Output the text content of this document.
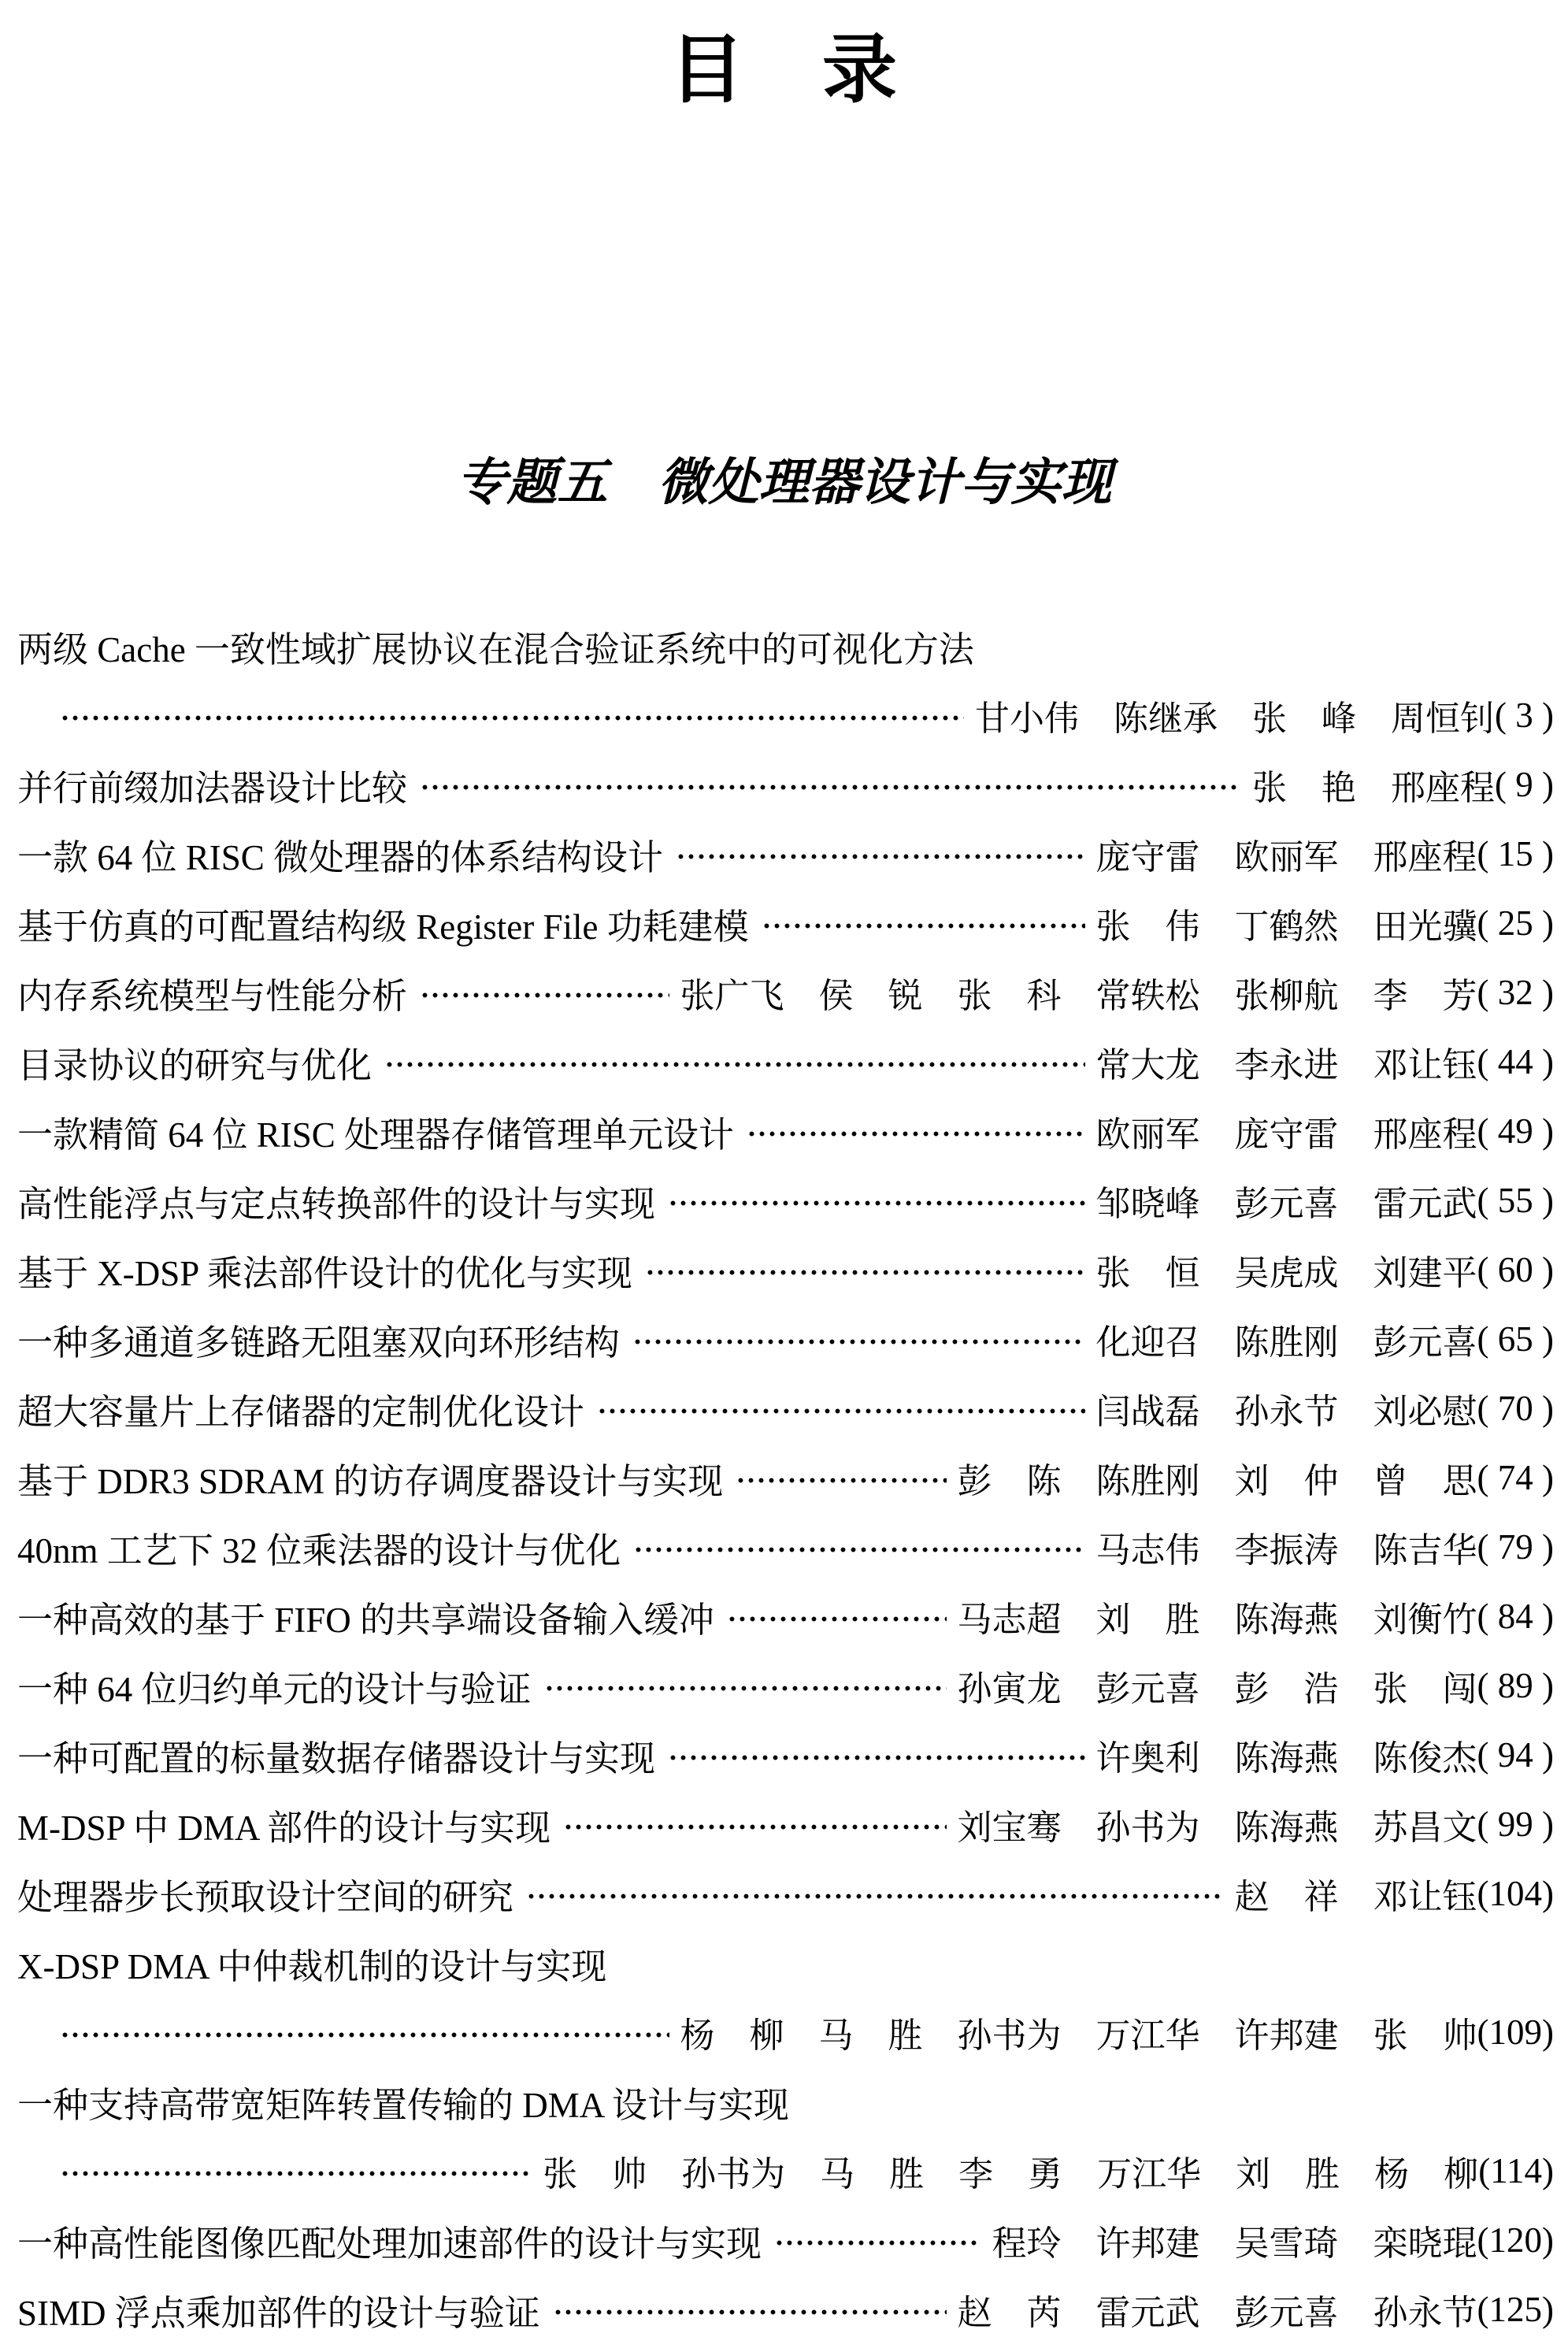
目　录
专题五　微处理器设计与实现
两级 Cache 一致性域扩展协议在混合验证系统中的可视化方法
甘小伟　陈继承　张　峰　周恒钊 ( 3 )
并行前缀加法器设计比较	张　艳　邢座程 ( 9 )
一款 64 位 RISC 微处理器的体系结构设计	庞守雷　欧丽军　邢座程 ( 15 )
基于仿真的可配置结构级 Register File 功耗建模	张　伟　丁鹤然　田光骥 ( 25 )
内存系统模型与性能分析	张广飞　侯　锐　张　科　常轶松　张柳航　李　芳 ( 32 )
目录协议的研究与优化	常大龙　李永进　邓让钰 ( 44 )
一款精简 64 位 RISC 处理器存储管理单元设计	欧丽军　庞守雷　邢座程 ( 49 )
高性能浮点与定点转换部件的设计与实现	邹晓峰　彭元喜　雷元武 ( 55 )
基于 X-DSP 乘法部件设计的优化与实现	张　恒　吴虎成　刘建平 ( 60 )
一种多通道多链路无阻塞双向环形结构	化迎召　陈胜刚　彭元喜 ( 65 )
超大容量片上存储器的定制优化设计	闫战磊　孙永节　刘必慰 ( 70 )
基于 DDR3 SDRAM 的访存调度器设计与实现	彭　陈　陈胜刚　刘　仲　曾　思 ( 74 )
40nm 工艺下 32 位乘法器的设计与优化	马志伟　李振涛　陈吉华 ( 79 )
一种高效的基于 FIFO 的共享端设备输入缓冲	马志超　刘　胜　陈海燕　刘衡竹 ( 84 )
一种 64 位归约单元的设计与验证	孙寅龙　彭元喜　彭　浩　张　闯 ( 89 )
一种可配置的标量数据存储器设计与实现	许奥利　陈海燕　陈俊杰 ( 94 )
M-DSP 中 DMA 部件的设计与实现	刘宝骞　孙书为　陈海燕　苏昌文 ( 99 )
处理器步长预取设计空间的研究	赵　祥　邓让钰 (104)
X-DSP DMA 中仲裁机制的设计与实现
杨　柳　马　胜　孙书为　万江华　许邦建　张　帅 (109)
一种支持高带宽矩阵转置传输的 DMA 设计与实现
张　帅　孙书为　马　胜　李　勇　万江华　刘　胜　杨　柳 (114)
一种高性能图像匹配处理加速部件的设计与实现	程玲　许邦建　吴雪琦　栾晓琨 (120)
SIMD 浮点乘加部件的设计与验证	赵　芮　雷元武　彭元喜　孙永节 (125)
